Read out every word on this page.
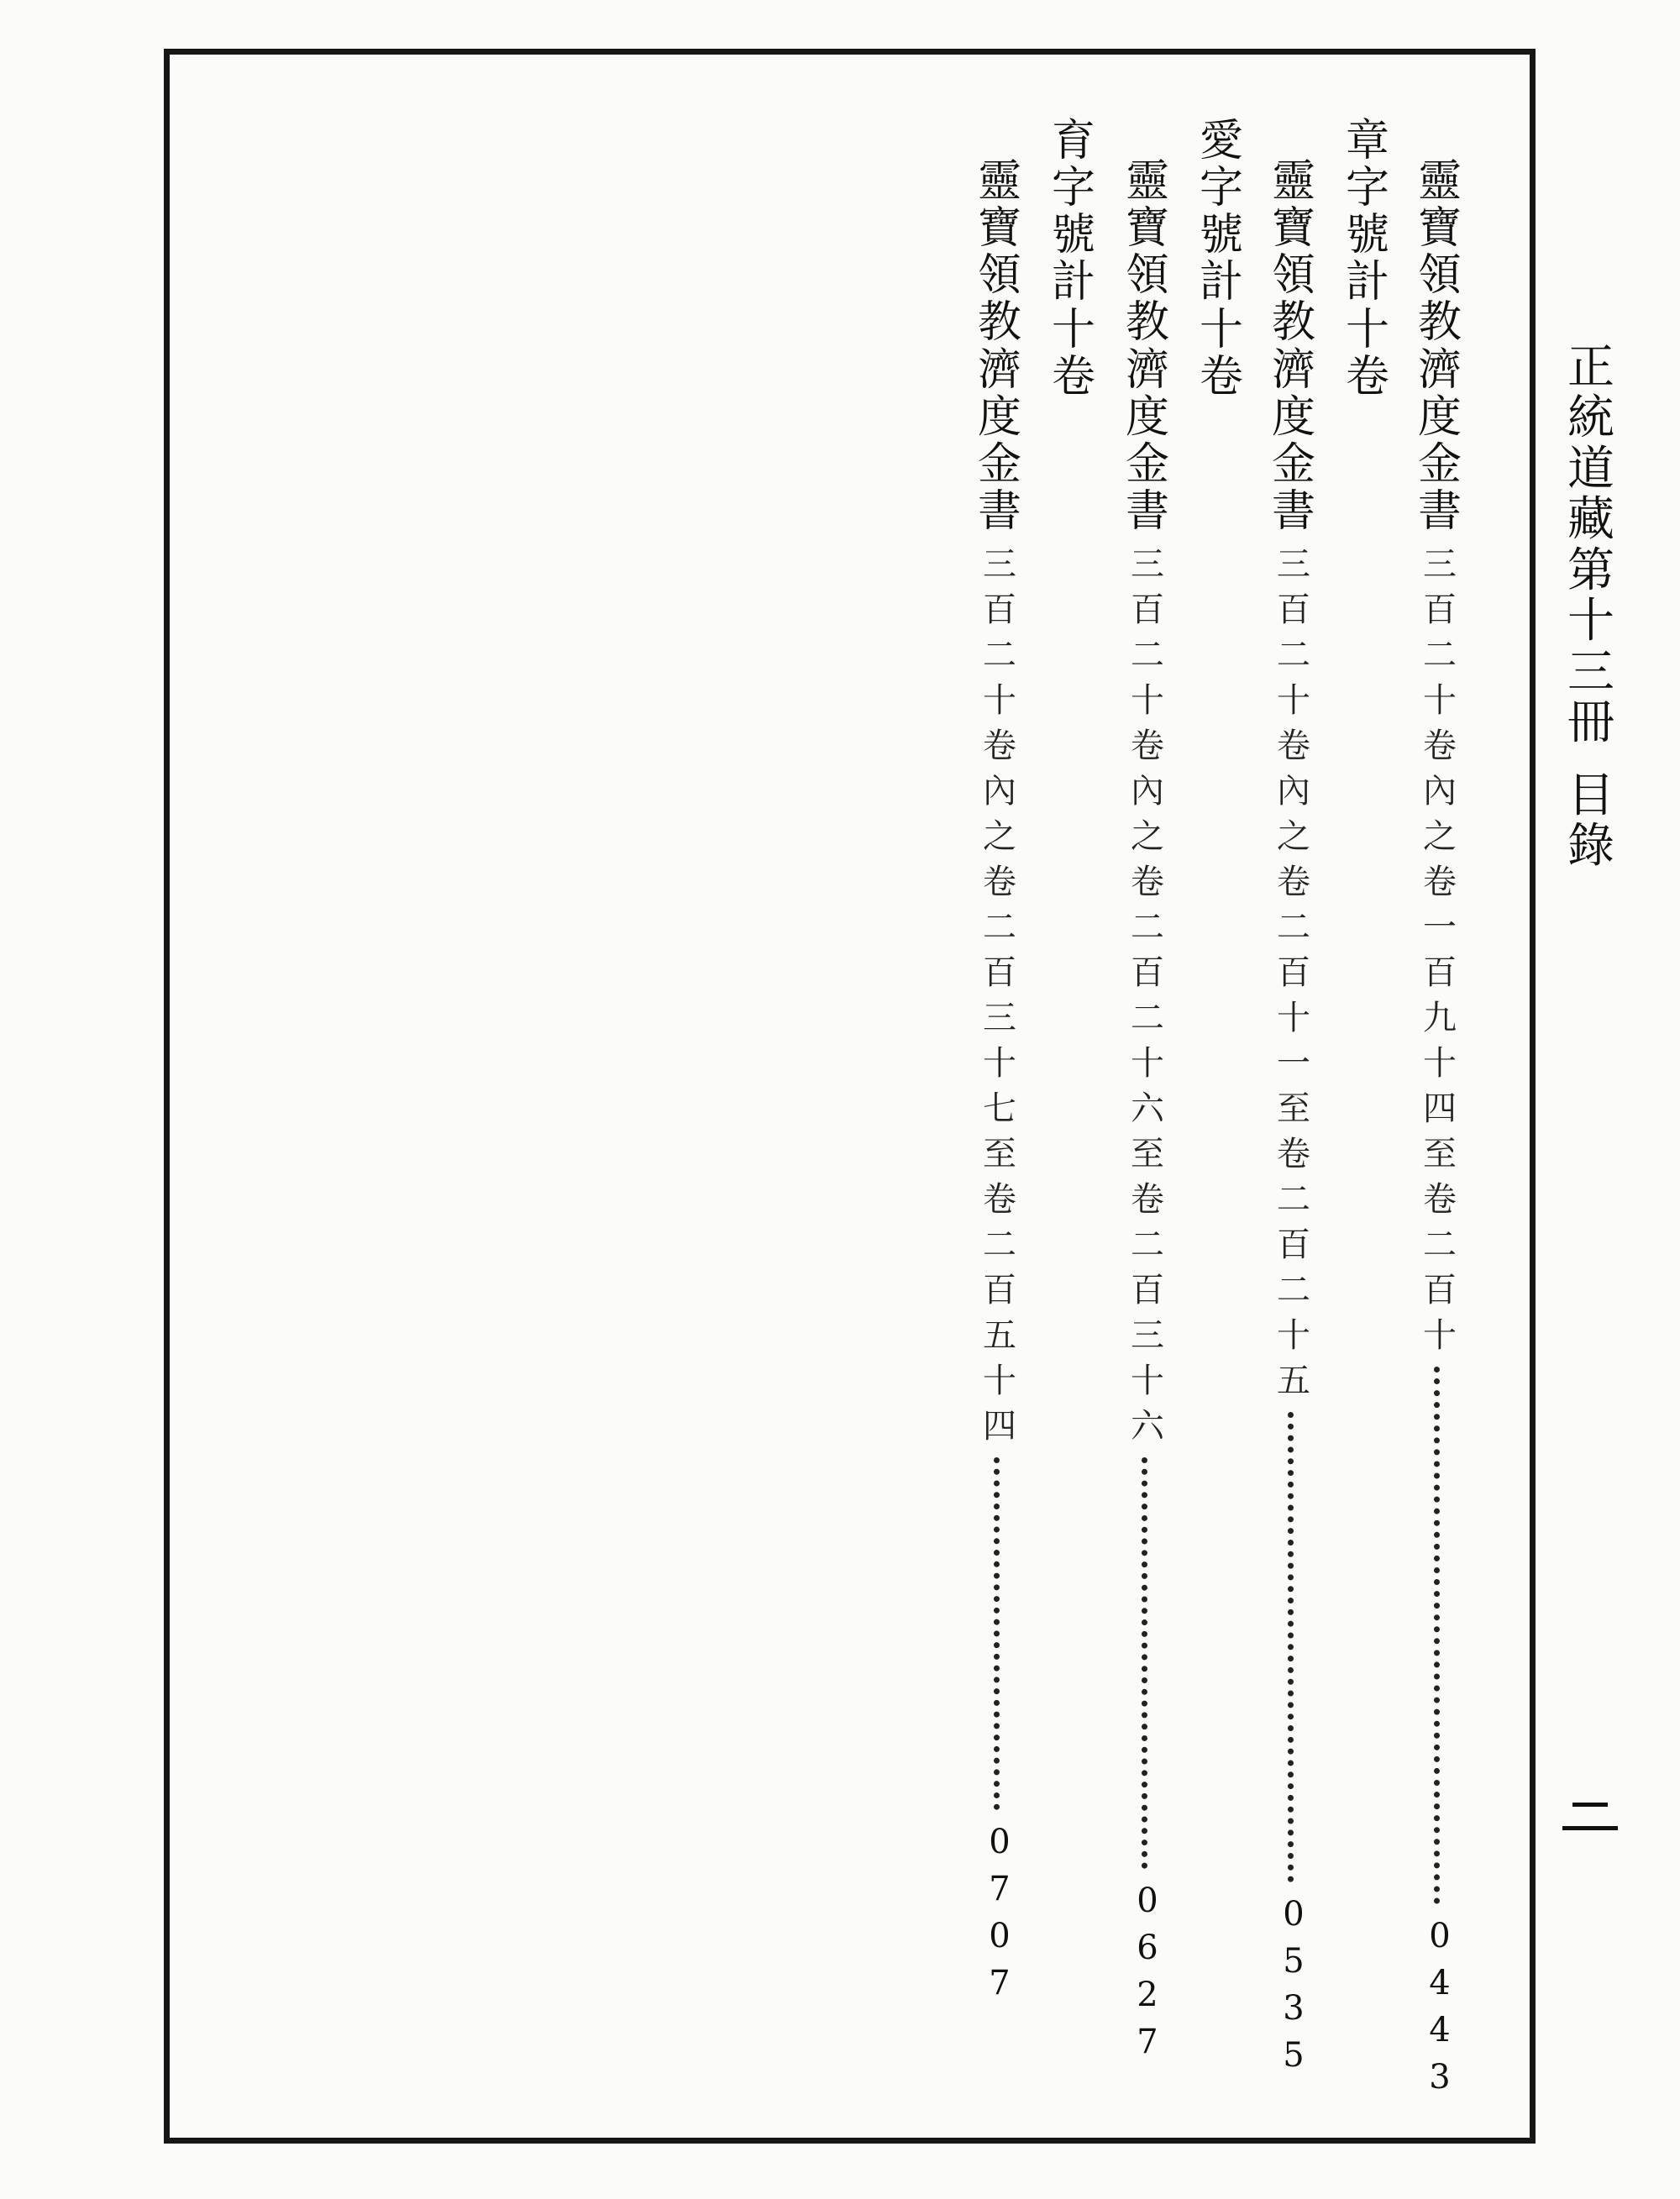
正統道藏第十三冊
目錄
靈寶領教濟度金書
三百二十卷內之卷一百九十四至卷二百十
0
4
4
3
章字號計十卷
靈寶領教濟度金書
三百二十卷內之卷二百十一至卷二百二十五
0
5
3
5
愛字號計十卷
靈寶領教濟度金書
三百二十卷內之卷二百二十六至卷二百三十六
0
6
2
7
育字號計十卷
靈寶領教濟度金書
三百二十卷內之卷二百三十七至卷二百五十四
0
7
0
7
